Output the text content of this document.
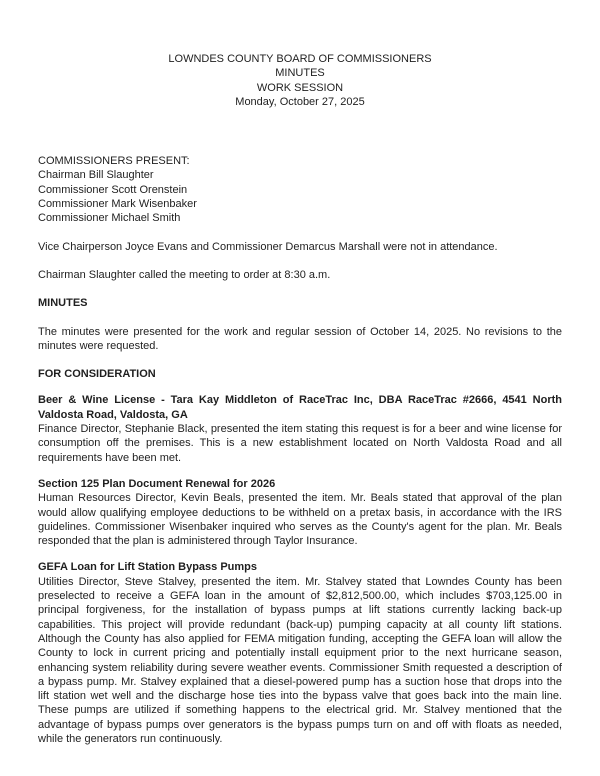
LOWNDES COUNTY BOARD OF COMMISSIONERS
MINUTES
WORK SESSION
Monday, October 27, 2025
COMMISSIONERS PRESENT:
Chairman Bill Slaughter
Commissioner Scott Orenstein
Commissioner Mark Wisenbaker
Commissioner Michael Smith
Vice Chairperson Joyce Evans and Commissioner Demarcus Marshall were not in attendance.
Chairman Slaughter called the meeting to order at 8:30 a.m.
MINUTES
The minutes were presented for the work and regular session of October 14, 2025. No revisions to the minutes were requested.
FOR CONSIDERATION
Beer & Wine License - Tara Kay Middleton of RaceTrac Inc, DBA RaceTrac #2666, 4541 North Valdosta Road, Valdosta, GA
Finance Director, Stephanie Black, presented the item stating this request is for a beer and wine license for consumption off the premises. This is a new establishment located on North Valdosta Road and all requirements have been met.
Section 125 Plan Document Renewal for 2026
Human Resources Director, Kevin Beals, presented the item. Mr. Beals stated that approval of the plan would allow qualifying employee deductions to be withheld on a pretax basis, in accordance with the IRS guidelines. Commissioner Wisenbaker inquired who serves as the County's agent for the plan. Mr. Beals responded that the plan is administered through Taylor Insurance.
GEFA Loan for Lift Station Bypass Pumps
Utilities Director, Steve Stalvey, presented the item. Mr. Stalvey stated that Lowndes County has been preselected to receive a GEFA loan in the amount of $2,812,500.00, which includes $703,125.00 in principal forgiveness, for the installation of bypass pumps at lift stations currently lacking back-up capabilities. This project will provide redundant (back-up) pumping capacity at all county lift stations. Although the County has also applied for FEMA mitigation funding, accepting the GEFA loan will allow the County to lock in current pricing and potentially install equipment prior to the next hurricane season, enhancing system reliability during severe weather events. Commissioner Smith requested a description of a bypass pump. Mr. Stalvey explained that a diesel-powered pump has a suction hose that drops into the lift station wet well and the discharge hose ties into the bypass valve that goes back into the main line. These pumps are utilized if something happens to the electrical grid. Mr. Stalvey mentioned that the advantage of bypass pumps over generators is the bypass pumps turn on and off with floats as needed, while the generators run continuously.
